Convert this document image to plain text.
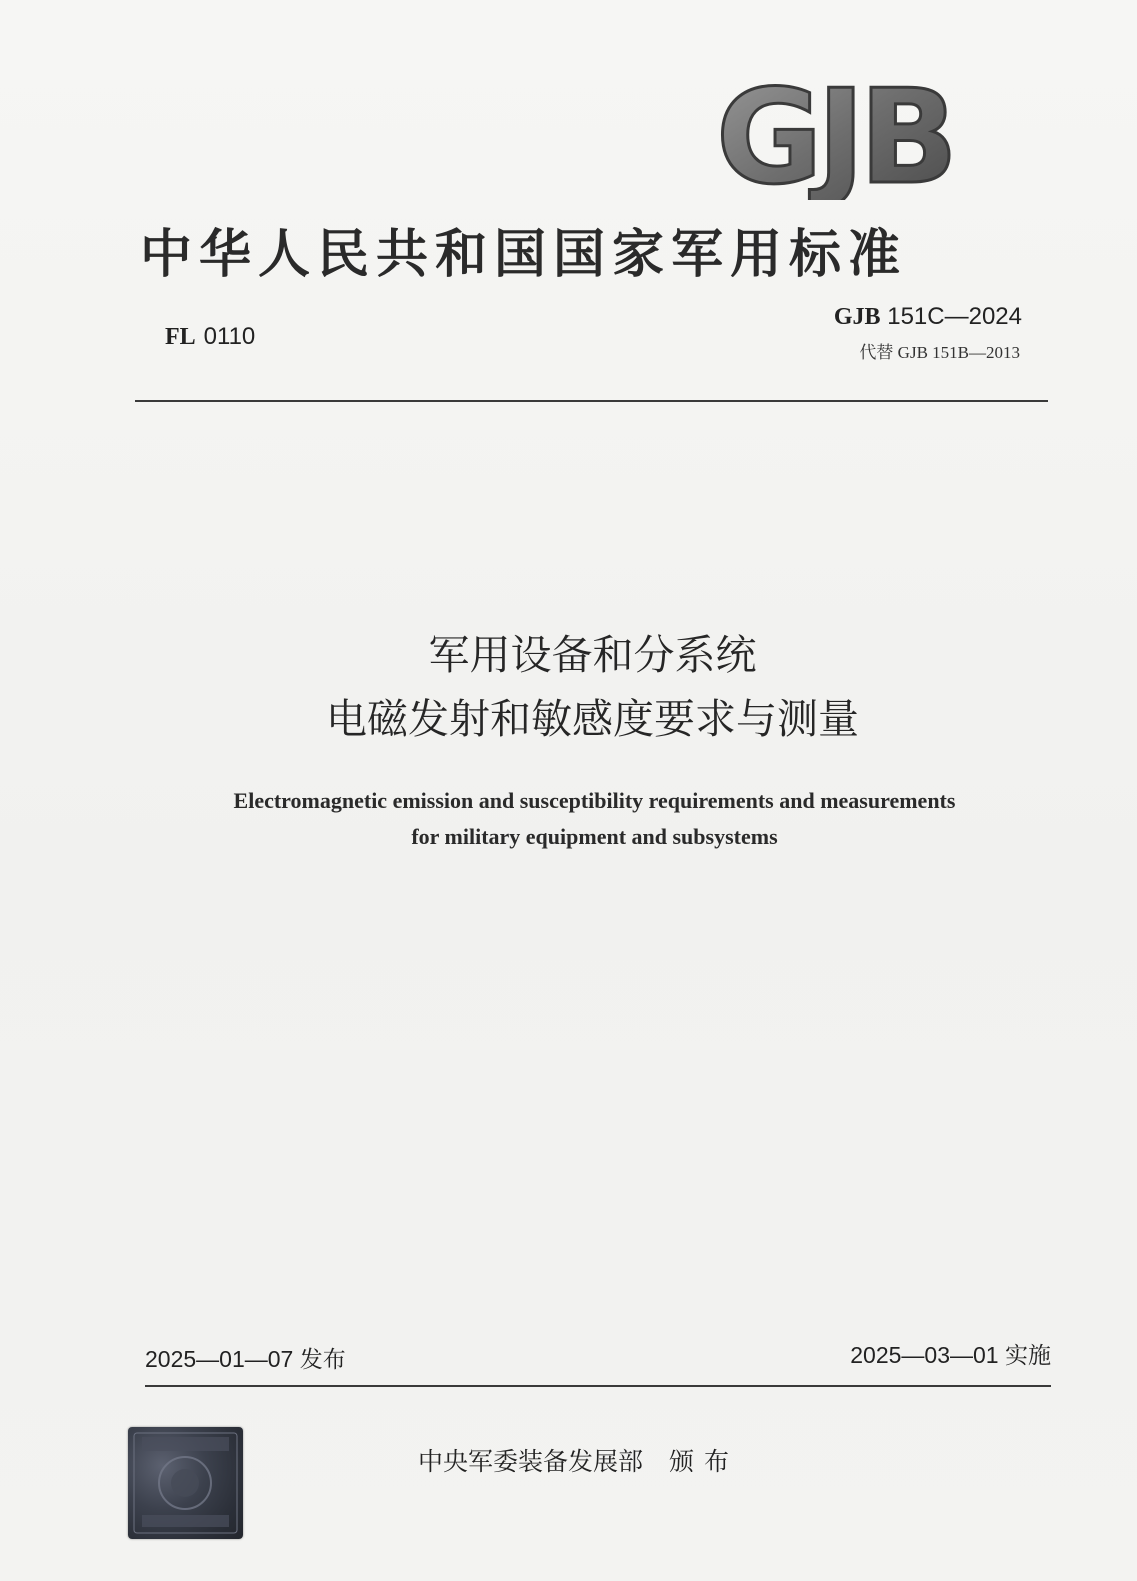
GJB
中华人民共和国国家军用标准
FL 0110
GJB 151C—2024
代替 GJB 151B—2013
军用设备和分系统
电磁发射和敏感度要求与测量
Electromagnetic emission and susceptibility requirements and measurements
for military equipment and subsystems
2025—01—07 发布	2025—03—01 实施
中央军委装备发展部 颁布
